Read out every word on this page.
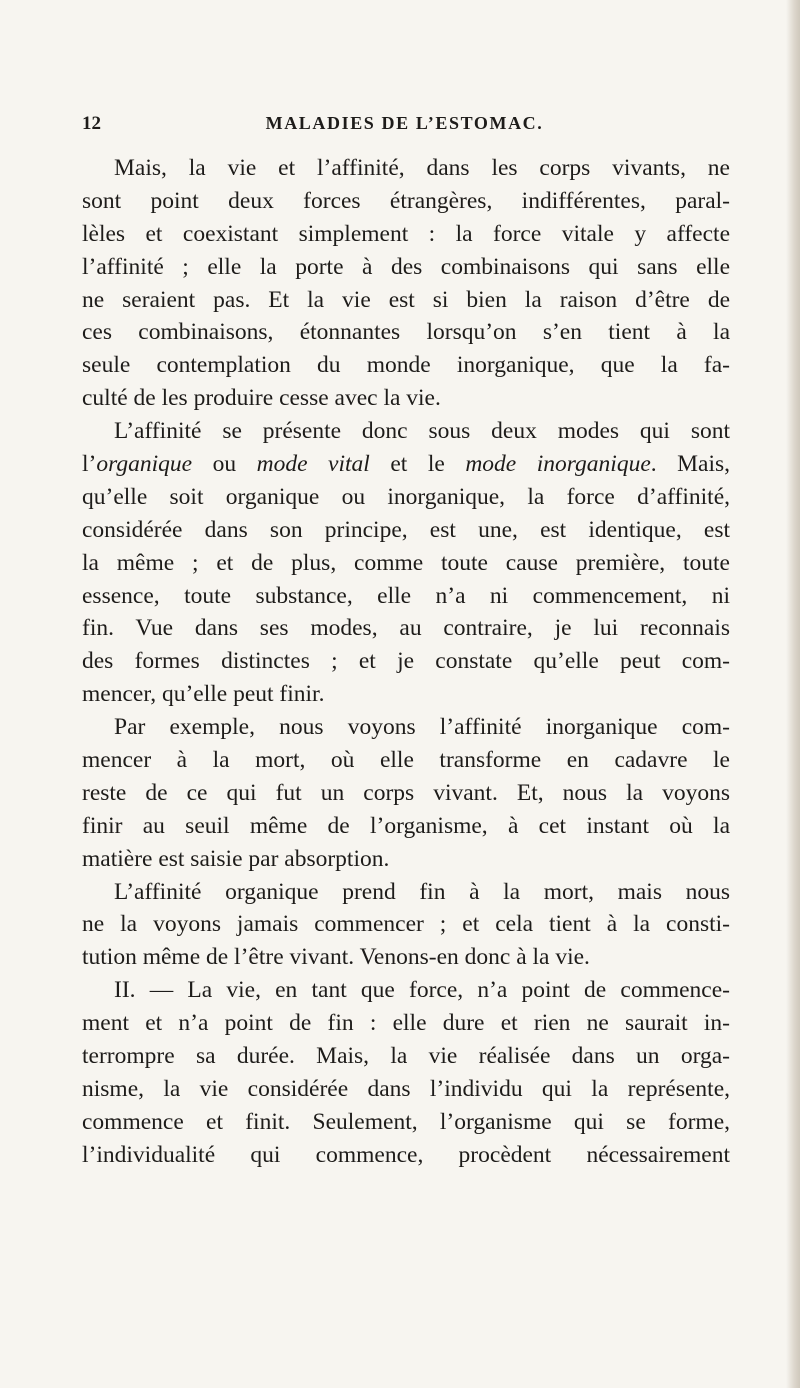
12	MALADIES DE L’ESTOMAC.
Mais, la vie et l’affinité, dans les corps vivants, ne
sont point deux forces étrangères, indifférentes, paral-
lèles et coexistant simplement : la force vitale y affecte
l’affinité ; elle la porte à des combinaisons qui sans elle
ne seraient pas. Et la vie est si bien la raison d’être de
ces combinaisons, étonnantes lorsqu’on s’en tient à la
seule contemplation du monde inorganique, que la fa-
culté de les produire cesse avec la vie.
L’affinité se présente donc sous deux modes qui sont
l’organique ou mode vital et le mode inorganique. Mais,
qu’elle soit organique ou inorganique, la force d’affinité,
considérée dans son principe, est une, est identique, est
la même ; et de plus, comme toute cause première, toute
essence, toute substance, elle n’a ni commencement, ni
fin. Vue dans ses modes, au contraire, je lui reconnais
des formes distinctes ; et je constate qu’elle peut com-
mencer, qu’elle peut finir.
Par exemple, nous voyons l’affinité inorganique com-
mencer à la mort, où elle transforme en cadavre le
reste de ce qui fut un corps vivant. Et, nous la voyons
finir au seuil même de l’organisme, à cet instant où la
matière est saisie par absorption.
L’affinité organique prend fin à la mort, mais nous
ne la voyons jamais commencer ; et cela tient à la consti-
tution même de l’être vivant. Venons-en donc à la vie.
II. — La vie, en tant que force, n’a point de commence-
ment et n’a point de fin : elle dure et rien ne saurait in-
terrompre sa durée. Mais, la vie réalisée dans un orga-
nisme, la vie considérée dans l’individu qui la représente,
commence et finit. Seulement, l’organisme qui se forme,
l’individualité qui commence, procèdent nécessairement
